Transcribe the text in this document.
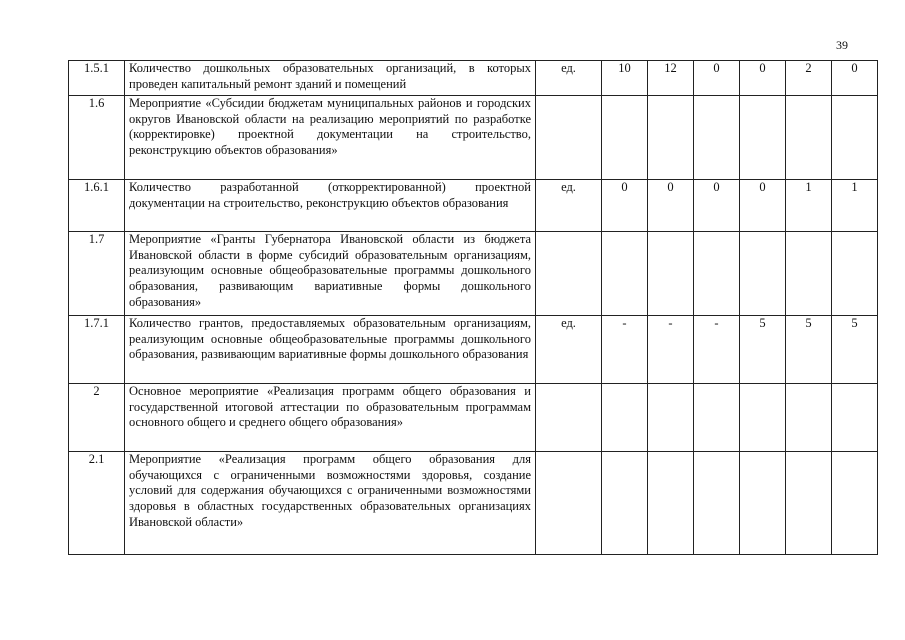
39
1.5.1	Количество дошкольных образовательных организаций, в которых проведен капитальный ремонт зданий и помещений	ед.	10	12	0	0	2	0
1.6	Мероприятие «Субсидии бюджетам муниципальных районов и городских округов Ивановской области на реализацию мероприятий по разработке (корректировке) проектной документации на строительство, реконструкцию объектов образования»							
1.6.1	Количество разработанной (откорректированной) проектной документации на строительство, реконструкцию объектов образования	ед.	0	0	0	0	1	1
1.7	Мероприятие «Гранты Губернатора Ивановской области из бюджета Ивановской области в форме субсидий образовательным организациям, реализующим основные общеобразовательные программы дошкольного образования, развивающим вариативные формы дошкольного образования»							
1.7.1	Количество грантов, предоставляемых образовательным организациям, реализующим основные общеобразовательные программы дошкольного образования, развивающим вариативные формы дошкольного образования	ед.	-	-	-	5	5	5
2	Основное мероприятие «Реализация программ общего образования и государственной итоговой аттестации по образовательным программам основного общего и среднего общего образования»							
2.1	Мероприятие «Реализация программ общего образования для обучающихся с ограниченными возможностями здоровья, создание условий для содержания обучающихся с ограниченными возможностями здоровья в областных государственных образовательных организациях Ивановской области»							
